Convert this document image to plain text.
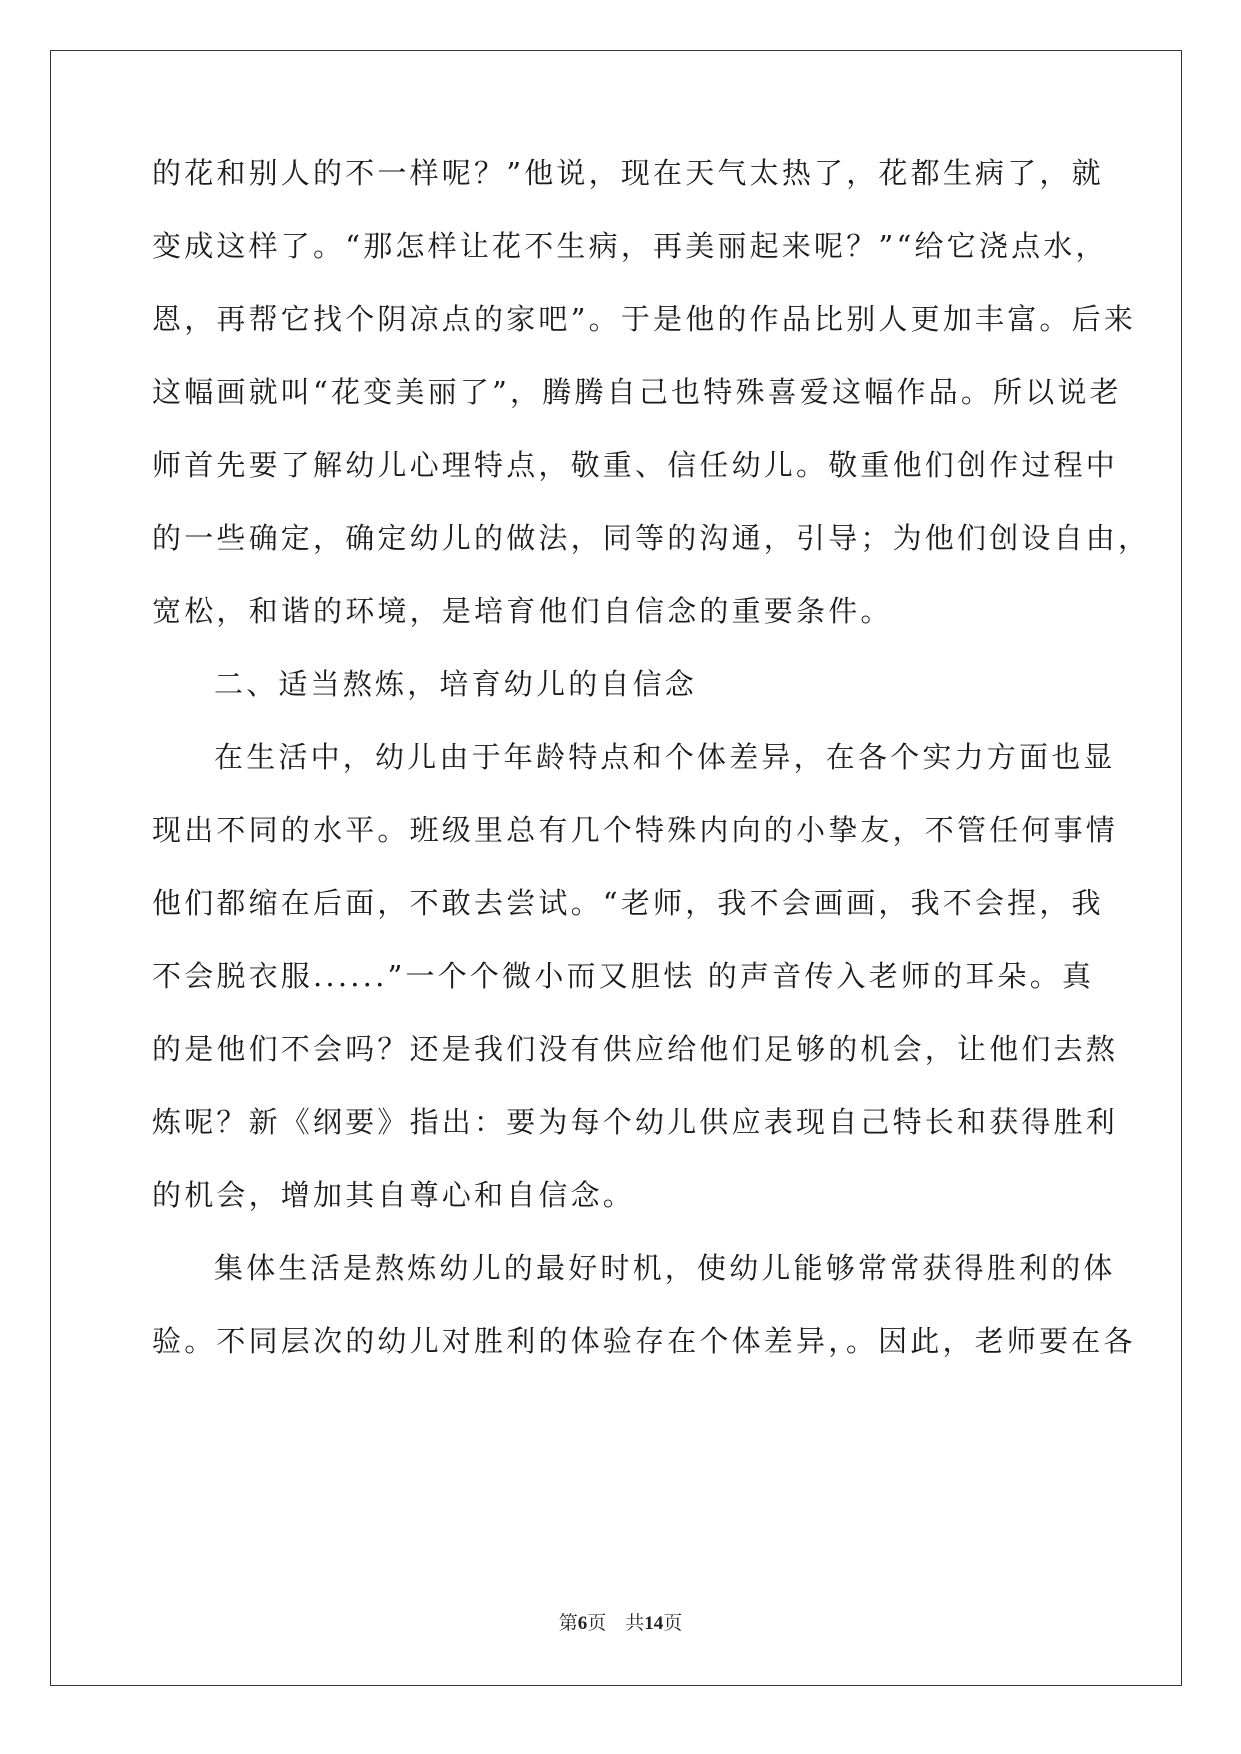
的花和别人的不一样呢？”他说，现在天气太热了，花都生病了，就
变成这样了。“那怎样让花不生病，再美丽起来呢？”“给它浇点水，
恩，再帮它找个阴凉点的家吧”。于是他的作品比别人更加丰富。后来
这幅画就叫“花变美丽了”，腾腾自己也特殊喜爱这幅作品。所以说老
师首先要了解幼儿心理特点，敬重、信任幼儿。敬重他们创作过程中
的一些确定，确定幼儿的做法，同等的沟通，引导；为他们创设自由，
宽松，和谐的环境，是培育他们自信念的重要条件。
二、适当熬炼，培育幼儿的自信念
在生活中，幼儿由于年龄特点和个体差异，在各个实力方面也显
现出不同的水平。班级里总有几个特殊内向的小挚友，不管任何事情
他们都缩在后面，不敢去尝试。“老师，我不会画画，我不会捏，我
不会脱衣服......”一个个微小而又胆怯 的声音传入老师的耳朵。真
的是他们不会吗？还是我们没有供应给他们足够的机会，让他们去熬
炼呢？新《纲要》指出：要为每个幼儿供应表现自己特长和获得胜利
的机会，增加其自尊心和自信念。
集体生活是熬炼幼儿的最好时机，使幼儿能够常常获得胜利的体
验。不同层次的幼儿对胜利的体验存在个体差异，。因此，老师要在各
第6页　共14页
